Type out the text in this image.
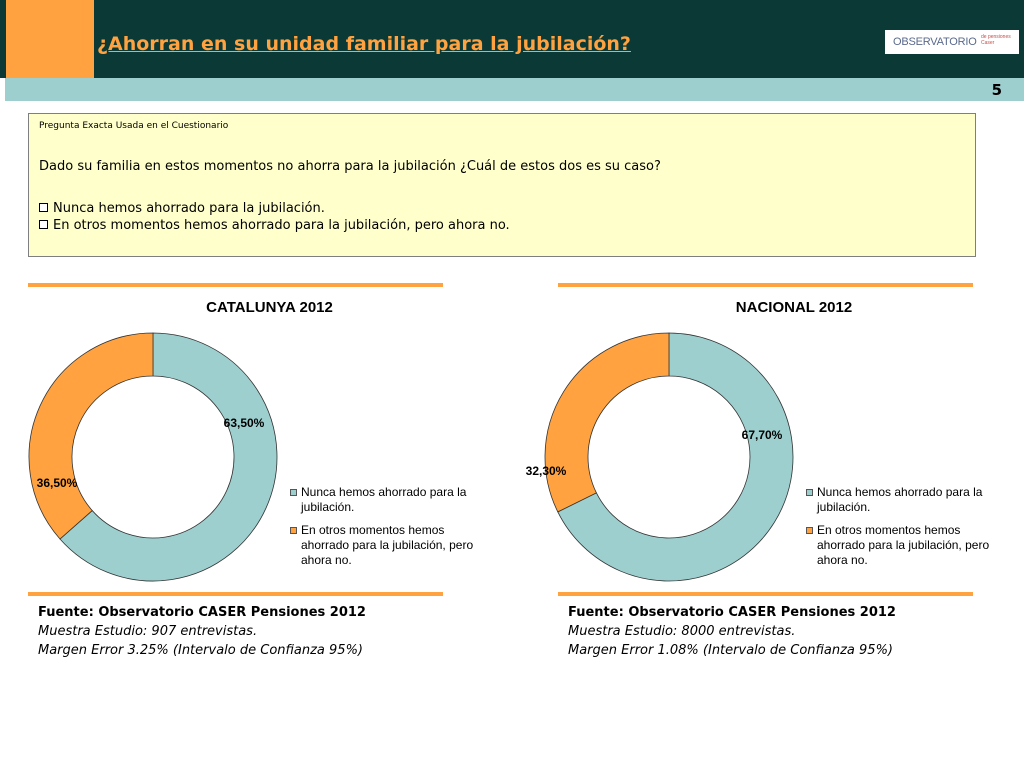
¿Ahorran en su unidad familiar para la jubilación?	OBSERVATORIO de pensiones Caser
5
Pregunta Exacta Usada en el Cuestionario
Dado su familia en estos momentos no ahorra para la jubilación ¿Cuál de estos dos es su caso?
Nunca hemos ahorrado para la jubilación.
En otros momentos hemos ahorrado para la jubilación, pero ahora no.
CATALUNYA 2012
63,50%
36,50%
Nunca hemos ahorrado para la jubilación.
En otros momentos hemos ahorrado para la jubilación, pero ahora no.
NACIONAL 2012
67,70%
32,30%
Nunca hemos ahorrado para la jubilación.
En otros momentos hemos ahorrado para la jubilación, pero ahora no.
Fuente: Observatorio CASER Pensiones 2012
Muestra Estudio: 907 entrevistas.
Margen Error 3.25% (Intervalo de Confianza 95%)
Fuente: Observatorio CASER Pensiones 2012
Muestra Estudio: 8000 entrevistas.
Margen Error 1.08% (Intervalo de Confianza 95%)
